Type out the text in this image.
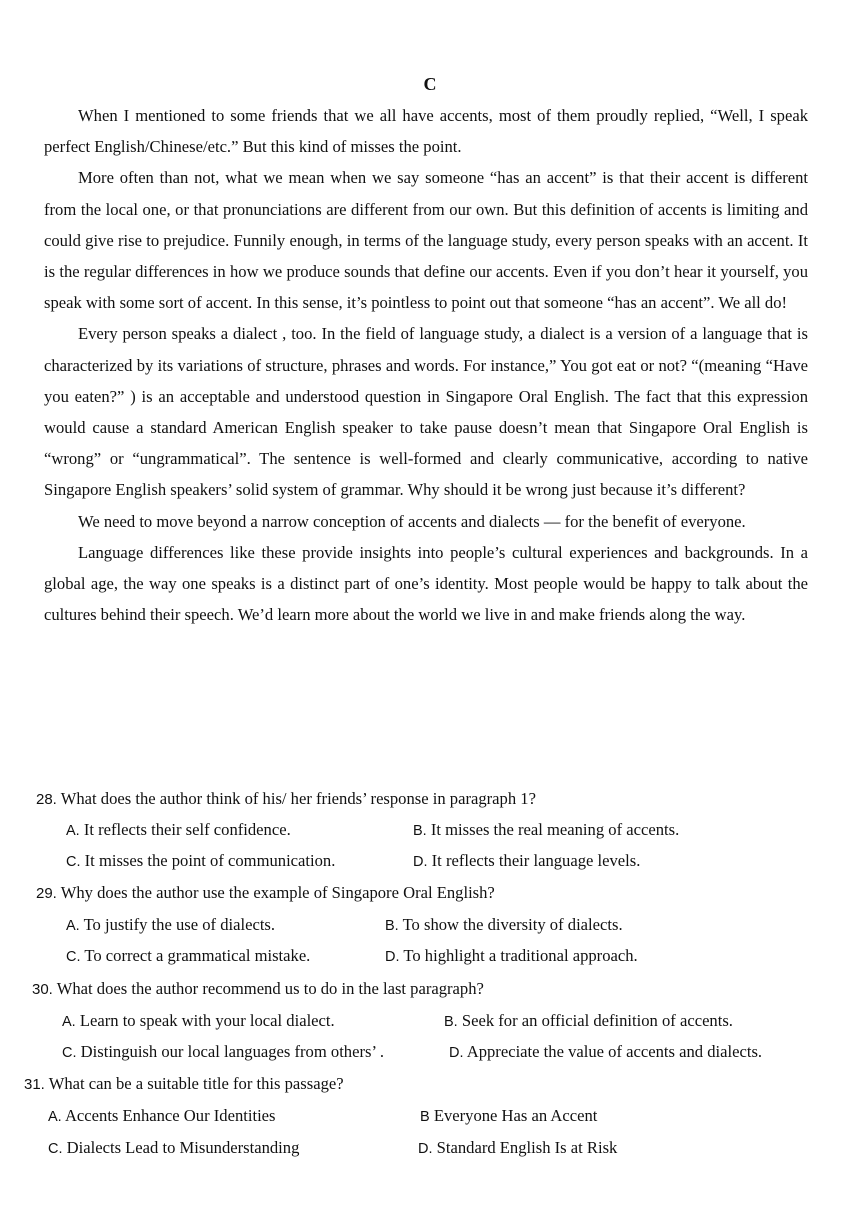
C

When I mentioned to some friends that we all have accents, most of them proudly replied, “Well, I speak perfect English/Chinese/etc.” But this kind of misses the point.

More often than not, what we mean when we say someone “has an accent” is that their accent is different from the local one, or that pronunciations are different from our own. But this definition of accents is limiting and could give rise to prejudice. Funnily enough, in terms of the language study, every person speaks with an accent. It is the regular differences in how we produce sounds that define our accents. Even if you don’t hear it yourself, you speak with some sort of accent. In this sense, it’s pointless to point out that someone “has an accent”. We all do!

Every person speaks a dialect , too. In the field of language study, a dialect is a version of a language that is characterized by its variations of structure, phrases and words. For instance,” You got eat or not? “(meaning “Have you eaten?” ) is an acceptable and understood question in Singapore Oral English. The fact that this expression would cause a standard American English speaker to take pause doesn’t mean that Singapore Oral English is “wrong” or “ungrammatical”. The sentence is well-formed and clearly communicative, according to native Singapore English speakers’ solid system of grammar. Why should it be wrong just because it’s different?

We need to move beyond a narrow conception of accents and dialects — for the benefit of everyone.

Language differences like these provide insights into people’s cultural experiences and backgrounds. In a global age, the way one speaks is a distinct part of one’s identity. Most people would be happy to talk about the cultures behind their speech. We’d learn more about the world we live in and make friends along the way.

28. What does the author think of his/ her friends’ response in paragraph 1?
A. It reflects their self confidence.	B. It misses the real meaning of accents.
C. It misses the point of communication.	D. It reflects their language levels.
29. Why does the author use the example of Singapore Oral English?
A. To justify the use of dialects.	B. To show the diversity of dialects.
C. To correct a grammatical mistake.	D. To highlight a traditional approach.
30. What does the author recommend us to do in the last paragraph?
A. Learn to speak with your local dialect.	B. Seek for an official definition of accents.
C. Distinguish our local languages from others’ .	D. Appreciate the value of accents and dialects.
31. What can be a suitable title for this passage?
A. Accents Enhance Our Identities	B Everyone Has an Accent
C. Dialects Lead to Misunderstanding	D. Standard English Is at Risk
